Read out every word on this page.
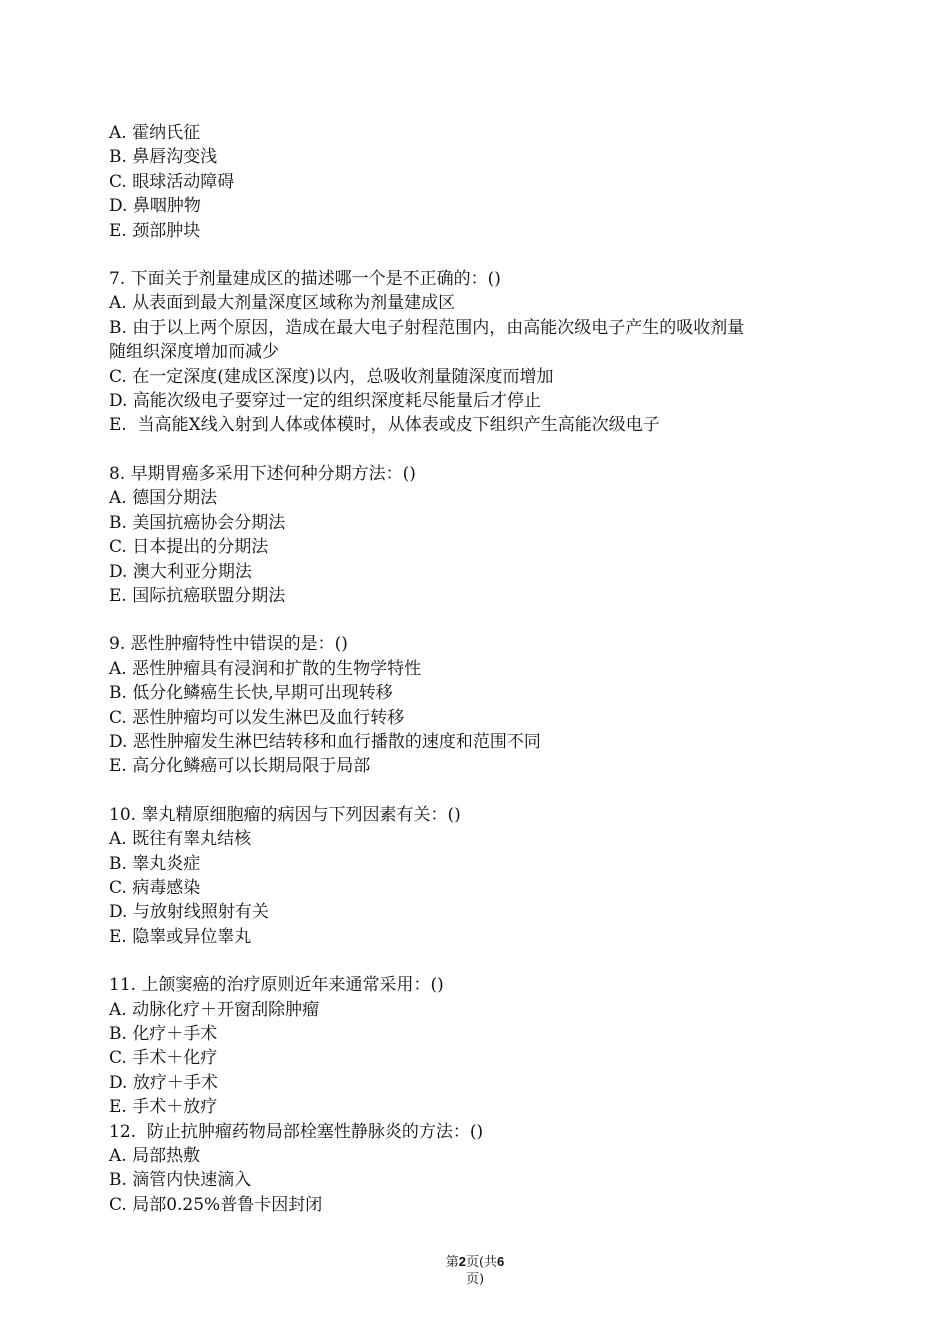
A. 霍纳氏征

B. 鼻唇沟变浅

C. 眼球活动障碍

D. 鼻咽肿物

E. 颈部肿块

7. 下面关于剂量建成区的描述哪一个是不正确的：()

A. 从表面到最大剂量深度区域称为剂量建成区

B. 由于以上两个原因，造成在最大电子射程范围内，由高能次级电子产生的吸收剂量

随组织深度增加而减少

C. 在一定深度(建成区深度)以内，总吸收剂量随深度而增加

D. 高能次级电子要穿过一定的组织深度耗尽能量后才停止

E.  当高能X线入射到人体或体模时，从体表或皮下组织产生高能次级电子

8. 早期胃癌多采用下述何种分期方法：()

A. 德国分期法

B. 美国抗癌协会分期法

C. 日本提出的分期法

D. 澳大利亚分期法

E. 国际抗癌联盟分期法

9. 恶性肿瘤特性中错误的是：()

A. 恶性肿瘤具有浸润和扩散的生物学特性

B. 低分化鳞癌生长快,早期可出现转移

C. 恶性肿瘤均可以发生淋巴及血行转移

D. 恶性肿瘤发生淋巴结转移和血行播散的速度和范围不同

E. 高分化鳞癌可以长期局限于局部

10. 睾丸精原细胞瘤的病因与下列因素有关：()

A. 既往有睾丸结核

B. 睾丸炎症

C. 病毒感染

D. 与放射线照射有关

E. 隐睾或异位睾丸

11. 上颌窦癌的治疗原则近年来通常采用：()

A. 动脉化疗＋开窗刮除肿瘤

B. 化疗＋手术

C. 手术＋化疗

D. 放疗＋手术

E. 手术＋放疗

12.  防止抗肿瘤药物局部栓塞性静脉炎的方法：()

A. 局部热敷

B. 滴管内快速滴入

C. 局部0.25%普鲁卡因封闭

第2页(共6
页)
